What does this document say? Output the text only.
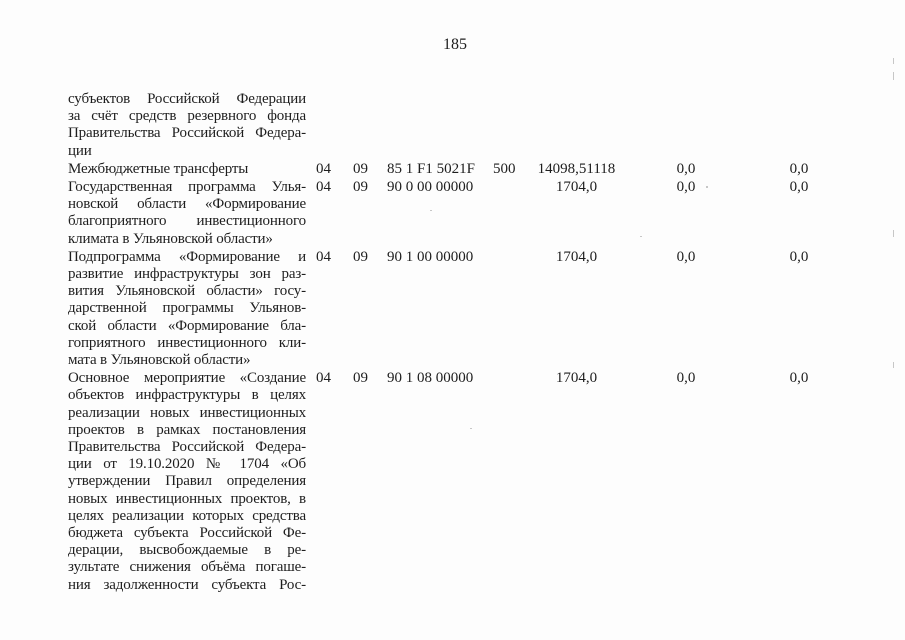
185
субъектов Российской Федерации
за счёт средств резервного фонда
Правительства Российской Федера-
ции
Межбюджетные трансферты	04	09	85 1 F1 5021F	500	14098,51118	0,0	0,0
Государственная программа Улья-
новской области «Формирование
благоприятного инвестиционного
климата в Ульяновской области»
04	09	90 0 00 00000	1704,0	0,0	0,0
Подпрограмма «Формирование и
развитие инфраструктуры зон раз-
вития Ульяновской области» госу-
дарственной программы Ульянов-
ской области «Формирование бла-
гоприятного инвестиционного кли-
мата в Ульяновской области»
04	09	90 1 00 00000	1704,0	0,0	0,0
Основное мероприятие «Создание
объектов инфраструктуры в целях
реализации новых инвестиционных
проектов в рамках постановления
Правительства Российской Федера-
ции от 19.10.2020 № 1704 «Об
утверждении Правил определения
новых инвестиционных проектов, в
целях реализации которых средства
бюджета субъекта Российской Фе-
дерации, высвобождаемые в ре-
зультате снижения объёма погаше-
ния задолженности субъекта Рос-
04	09	90 1 08 00000	1704,0	0,0	0,0
